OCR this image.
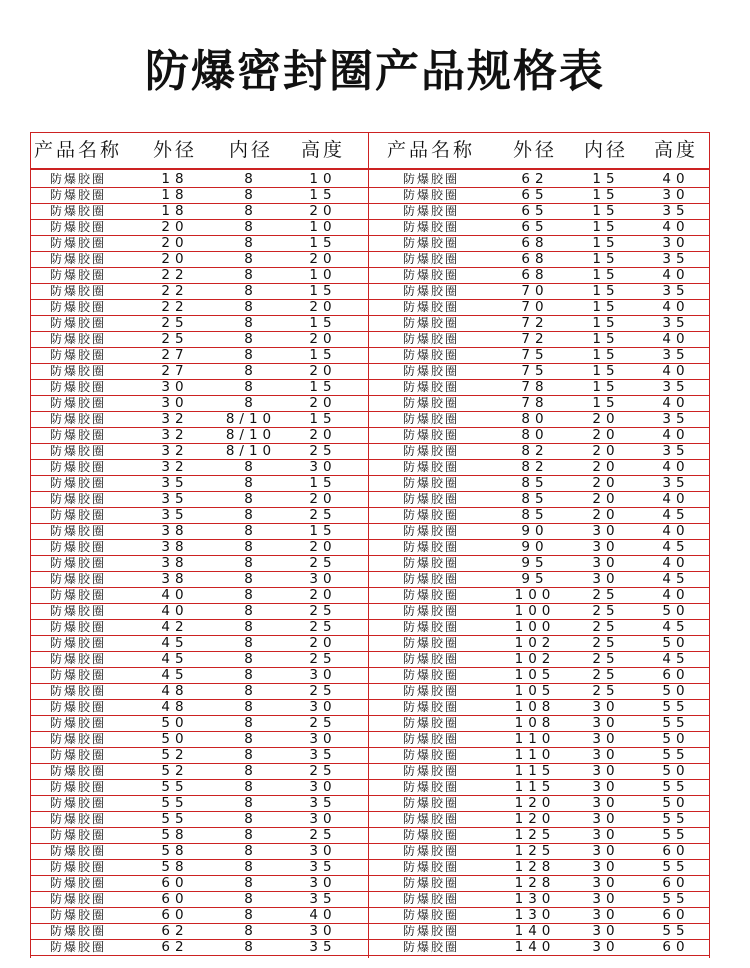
防爆密封圈产品规格表
产品名称	外径	内径	高度	产品名称	外径	内径	高度
防爆胶圈	18	8	10	防爆胶圈	62	15	40
防爆胶圈	18	8	15	防爆胶圈	65	15	30
防爆胶圈	18	8	20	防爆胶圈	65	15	35
防爆胶圈	20	8	10	防爆胶圈	65	15	40
防爆胶圈	20	8	15	防爆胶圈	68	15	30
防爆胶圈	20	8	20	防爆胶圈	68	15	35
防爆胶圈	22	8	10	防爆胶圈	68	15	40
防爆胶圈	22	8	15	防爆胶圈	70	15	35
防爆胶圈	22	8	20	防爆胶圈	70	15	40
防爆胶圈	25	8	15	防爆胶圈	72	15	35
防爆胶圈	25	8	20	防爆胶圈	72	15	40
防爆胶圈	27	8	15	防爆胶圈	75	15	35
防爆胶圈	27	8	20	防爆胶圈	75	15	40
防爆胶圈	30	8	15	防爆胶圈	78	15	35
防爆胶圈	30	8	20	防爆胶圈	78	15	40
防爆胶圈	32	8/10	15	防爆胶圈	80	20	35
防爆胶圈	32	8/10	20	防爆胶圈	80	20	40
防爆胶圈	32	8/10	25	防爆胶圈	82	20	35
防爆胶圈	32	8	30	防爆胶圈	82	20	40
防爆胶圈	35	8	15	防爆胶圈	85	20	35
防爆胶圈	35	8	20	防爆胶圈	85	20	40
防爆胶圈	35	8	25	防爆胶圈	85	20	45
防爆胶圈	38	8	15	防爆胶圈	90	30	40
防爆胶圈	38	8	20	防爆胶圈	90	30	45
防爆胶圈	38	8	25	防爆胶圈	95	30	40
防爆胶圈	38	8	30	防爆胶圈	95	30	45
防爆胶圈	40	8	20	防爆胶圈	100	25	40
防爆胶圈	40	8	25	防爆胶圈	100	25	50
防爆胶圈	42	8	25	防爆胶圈	100	25	45
防爆胶圈	45	8	20	防爆胶圈	102	25	50
防爆胶圈	45	8	25	防爆胶圈	102	25	45
防爆胶圈	45	8	30	防爆胶圈	105	25	60
防爆胶圈	48	8	25	防爆胶圈	105	25	50
防爆胶圈	48	8	30	防爆胶圈	108	30	55
防爆胶圈	50	8	25	防爆胶圈	108	30	55
防爆胶圈	50	8	30	防爆胶圈	110	30	50
防爆胶圈	52	8	35	防爆胶圈	110	30	55
防爆胶圈	52	8	25	防爆胶圈	115	30	50
防爆胶圈	55	8	30	防爆胶圈	115	30	55
防爆胶圈	55	8	35	防爆胶圈	120	30	50
防爆胶圈	55	8	30	防爆胶圈	120	30	55
防爆胶圈	58	8	25	防爆胶圈	125	30	55
防爆胶圈	58	8	30	防爆胶圈	125	30	60
防爆胶圈	58	8	35	防爆胶圈	128	30	55
防爆胶圈	60	8	30	防爆胶圈	128	30	60
防爆胶圈	60	8	35	防爆胶圈	130	30	55
防爆胶圈	60	8	40	防爆胶圈	130	30	60
防爆胶圈	62	8	30	防爆胶圈	140	30	55
防爆胶圈	62	8	35	防爆胶圈	140	30	60
